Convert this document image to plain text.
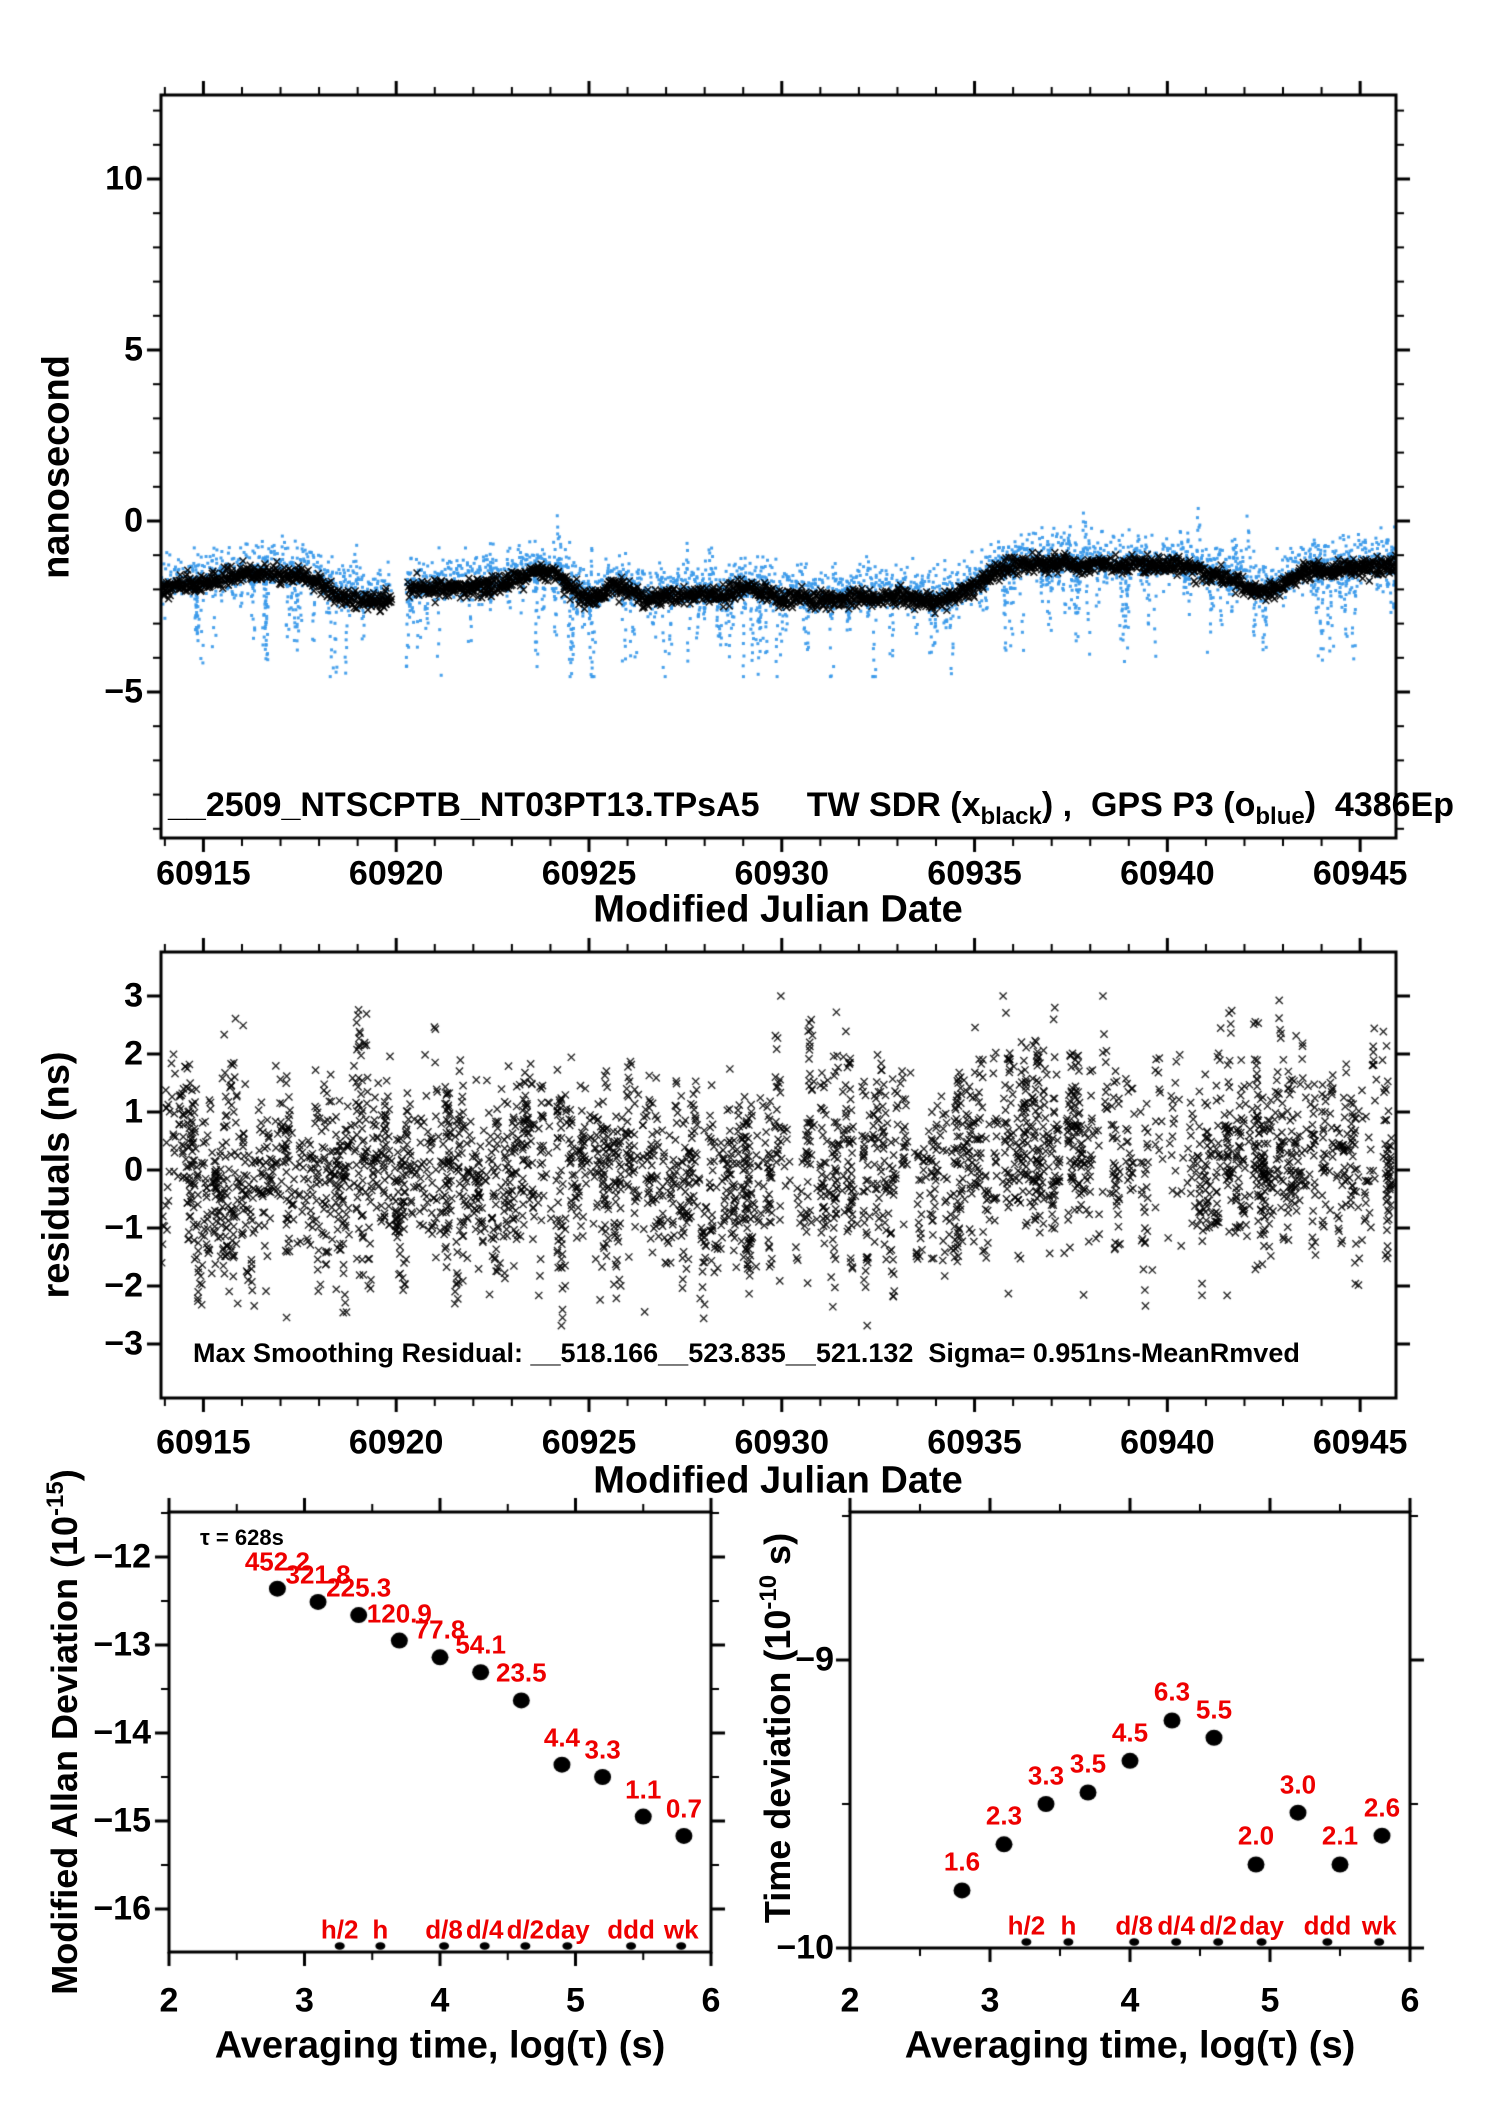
nanosecond
residuals (ns)
Modified Allan Deviation $(10^{-15})$
Time deviation ($10^{-10}$ s)
Modified Julian Date
Modified Julian Date
Averaging time, log(τ) (s)	Averaging time, log(τ) (s)
__2509_NTSCPTB_NT03PT13.TPsA5     TW SDR $(x_{black})$ ,  GPS P3 $(o_{blue})$  4386Ep
Max Smoothing Residual: __518.166__523.835__521.132  Sigma= 0.951ns-MeanRmved
τ = 628s
60915	60920	60925	60930	60935	60940	60945
60915	60920	60925	60930	60935	60940	60945
10
5
0
−5
3
2
1
0
−1
−2
−3
−12
−13
−14
−15
−16
−9
−10
2	3	4	5	6	2	3	4	5	6
452.2
321.8
225.3
120.9
77.8
54.1
23.5
4.4 3.3
1.1
0.7
1.6
2.3
3.3 3.5
4.5
6.3
5.5
2.0
3.0
2.1
2.6
h/2 h d/8 d/4 d/2 day ddd wk	h/2 h d/8 d/4 d/2 day ddd wk
